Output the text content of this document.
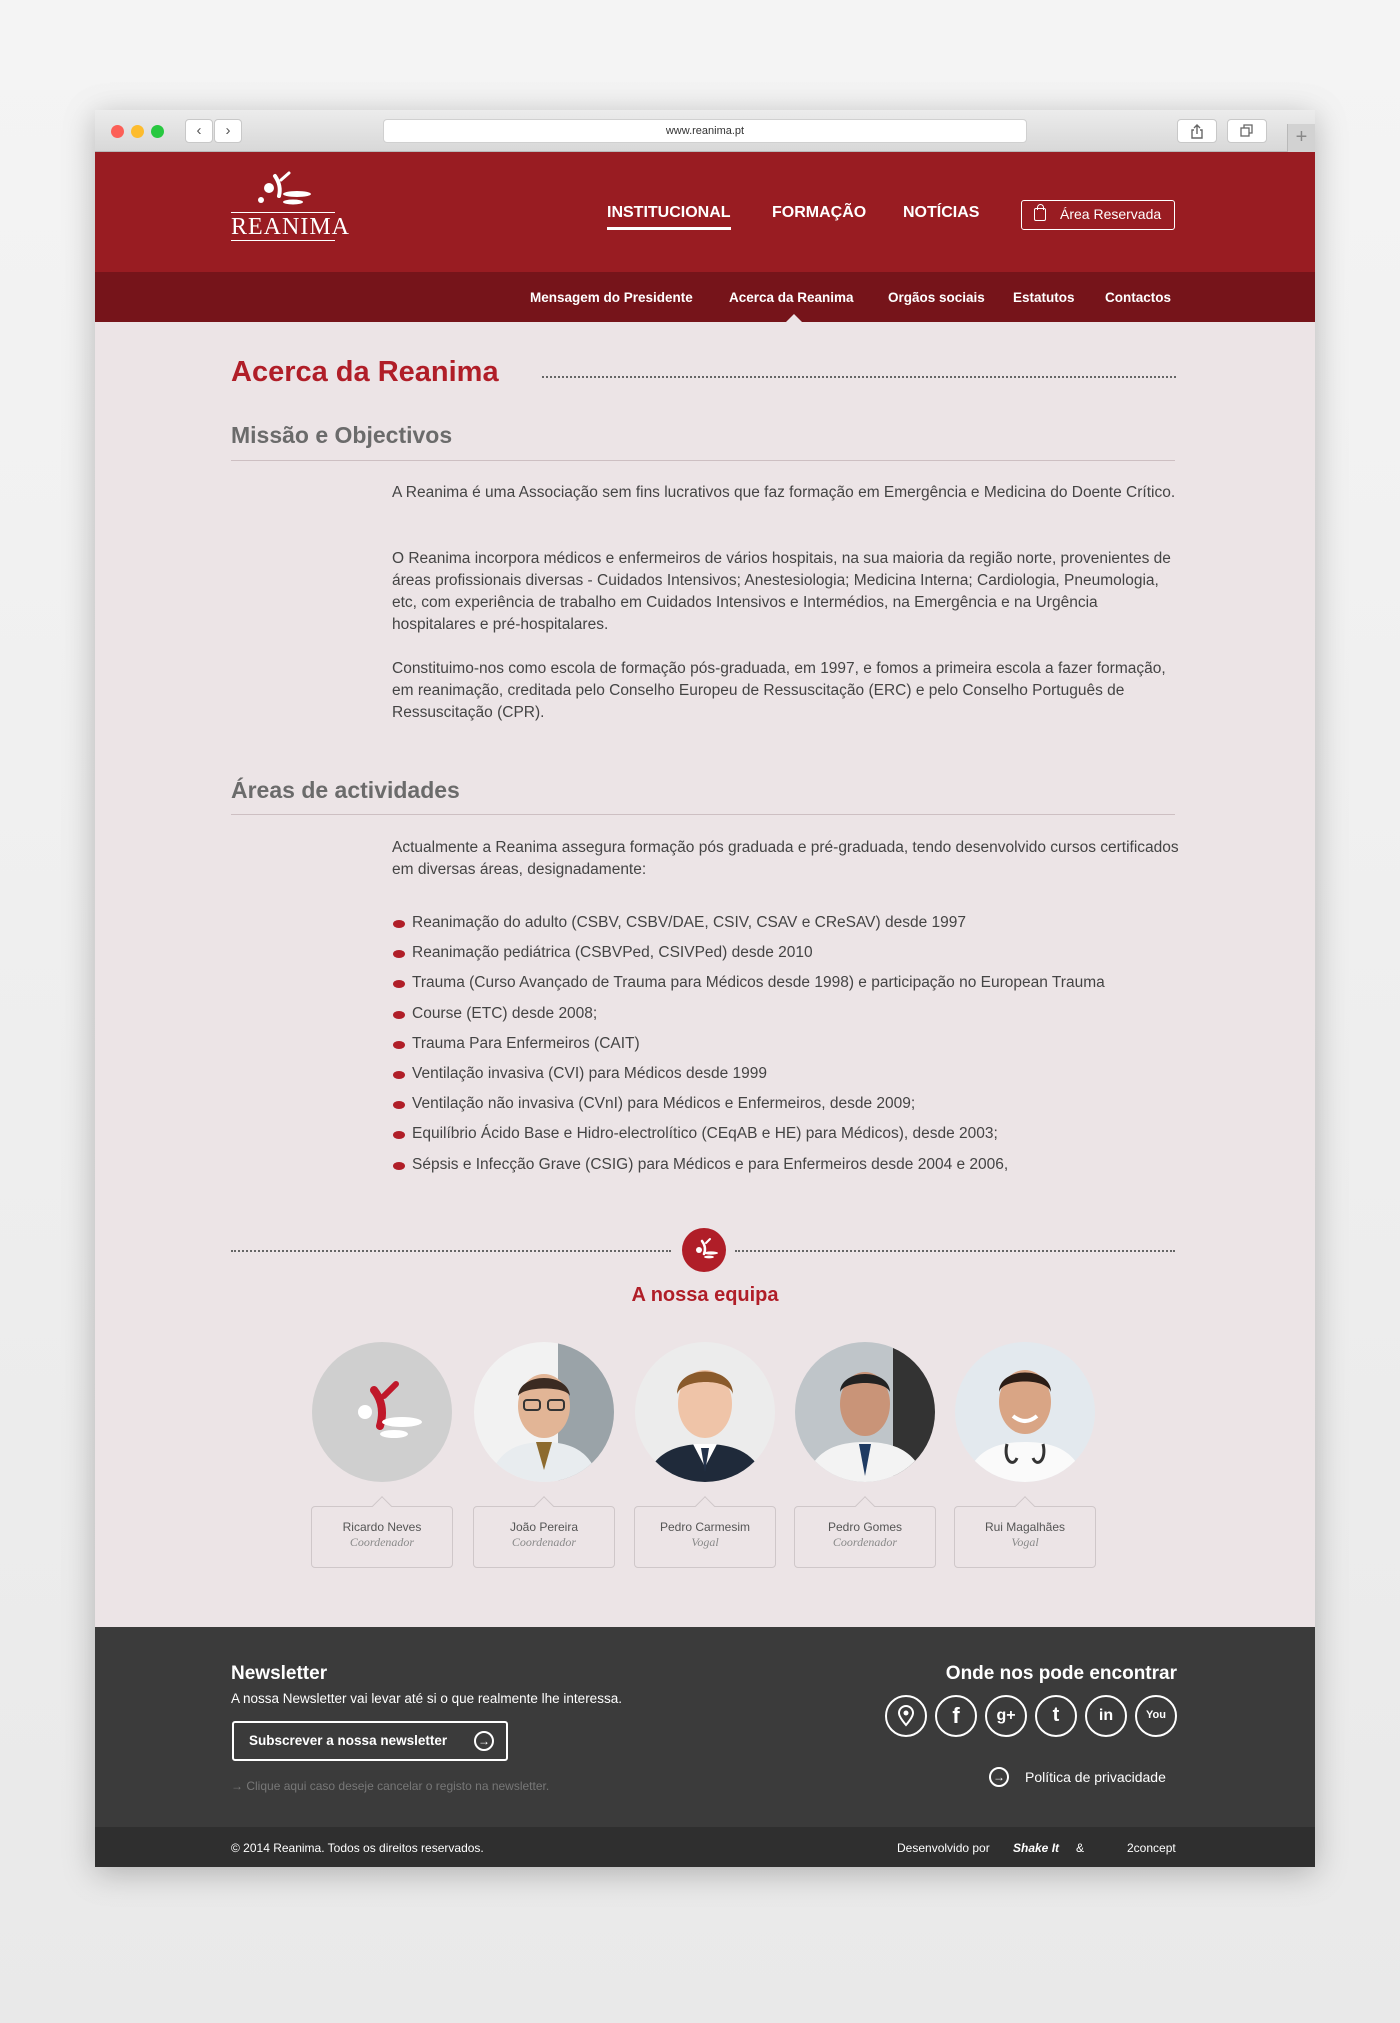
‹	›	www.reanima.pt	+
REANIMA
INSTITUCIONAL	FORMAÇÃO NOTÍCIAS	Área Reservada
Mensagem do Presidente	Acerca da Reanima	Orgãos sociais Estatutos Contactos
Acerca da Reanima
Missão e Objectivos

A Reanima é uma Associação sem fins lucrativos que faz formação em Emergência e Medicina do Doente Crítico.

O Reanima incorpora médicos e enfermeiros de vários hospitais, na sua maioria da região norte, provenientes de áreas profissionais diversas - Cuidados Intensivos; Anestesiologia; Medicina Interna; Cardiologia, Pneumologia, etc, com experiência de trabalho em Cuidados Intensivos e Intermédios, na Emergência e na Urgência hospitalares e pré-hospitalares.

Constituimo-nos como escola de formação pós-graduada, em 1997, e fomos a primeira escola a fazer formação, em reanimação, creditada pelo Conselho Europeu de Ressuscitação (ERC) e pelo Conselho Português de Ressuscitação (CPR).

Áreas de actividades

Actualmente a Reanima assegura formação pós graduada e pré-graduada, tendo desenvolvido cursos certificados em diversas áreas, designadamente:

Reanimação do adulto (CSBV, CSBV/DAE, CSIV, CSAV e CReSAV) desde 1997
Reanimação pediátrica (CSBVPed, CSIVPed) desde 2010
Trauma (Curso Avançado de Trauma para Médicos desde 1998) e participação no European Trauma
Course (ETC) desde 2008;
Trauma Para Enfermeiros (CAIT)
Ventilação invasiva (CVI) para Médicos desde 1999
Ventilação não invasiva (CVnI) para Médicos e Enfermeiros, desde 2009;
Equilíbrio Ácido Base e Hidro-electrolítico (CEqAB e HE) para Médicos), desde 2003;
Sépsis e Infecção Grave (CSIG) para Médicos e para Enfermeiros desde 2004 e 2006,
A nossa equipa
Ricardo Neves
Coordenador
João Pereira
Coordenador
Pedro Carmesim
Vogal
Pedro Gomes
Coordenador
Rui Magalhães
Vogal
Newsletter
A nossa Newsletter vai levar até si o que realmente lhe interessa.
Subscrever a nossa newsletter	→
→ Clique aqui caso deseje cancelar o registo na newsletter.
Onde nos pode encontrar
f	g+	t	in	You
→ Política de privacidade
© 2014 Reanima. Todos os direitos reservados.	Desenvolvido por Shake It &	2concept
